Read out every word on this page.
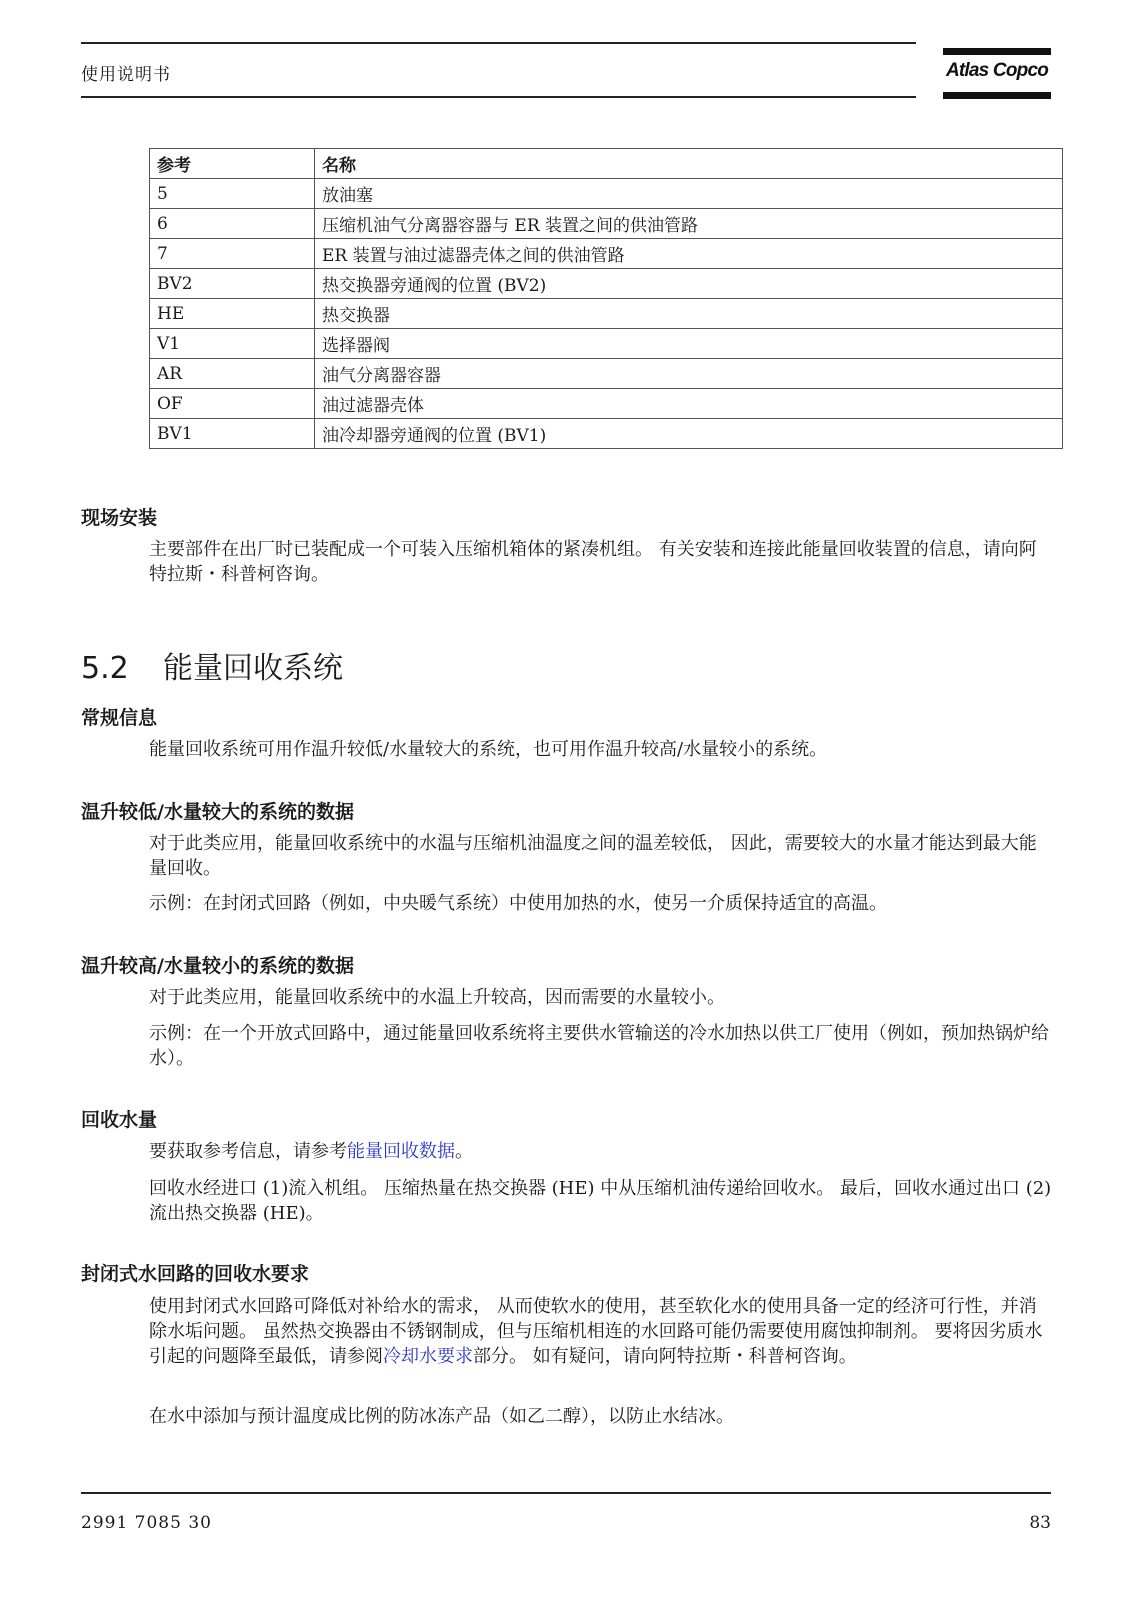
使用说明书	Atlas Copco
参考	名称
5	放油塞
6	压缩机油气分离器容器与 ER 装置之间的供油管路
7	ER 装置与油过滤器壳体之间的供油管路
BV2	热交换器旁通阀的位置 (BV2)
HE	热交换器
V1	选择器阀
AR	油气分离器容器
OF	油过滤器壳体
BV1	油冷却器旁通阀的位置 (BV1)
现场安装

主要部件在出厂时已装配成一个可装入压缩机箱体的紧凑机组。 有关安装和连接此能量回收装置的信息，请向阿特拉斯・科普柯咨询。

5.2 能量回收系统
常规信息

能量回收系统可用作温升较低/水量较大的系统，也可用作温升较高/水量较小的系统。

温升较低/水量较大的系统的数据

对于此类应用，能量回收系统中的水温与压缩机油温度之间的温差较低， 因此，需要较大的水量才能达到最大能量回收。

示例：在封闭式回路（例如，中央暖气系统）中使用加热的水，使另一介质保持适宜的高温。

温升较高/水量较小的系统的数据

对于此类应用，能量回收系统中的水温上升较高，因而需要的水量较小。

示例：在一个开放式回路中，通过能量回收系统将主要供水管输送的冷水加热以供工厂使用（例如，预加热锅炉给水）。

回收水量

要获取参考信息，请参考能量回收数据。

回收水经进口 (1)流入机组。 压缩热量在热交换器 (HE) 中从压缩机油传递给回收水。 最后，回收水通过出口 (2) 流出热交换器 (HE)。

封闭式水回路的回收水要求

使用封闭式水回路可降低对补给水的需求， 从而使软水的使用，甚至软化水的使用具备一定的经济可行性，并消除水垢问题。 虽然热交换器由不锈钢制成，但与压缩机相连的水回路可能仍需要使用腐蚀抑制剂。 要将因劣质水引起的问题降至最低，请参阅冷却水要求部分。 如有疑问，请向阿特拉斯・科普柯咨询。

在水中添加与预计温度成比例的防冰冻产品（如乙二醇），以防止水结冰。

2991 7085 30	83
